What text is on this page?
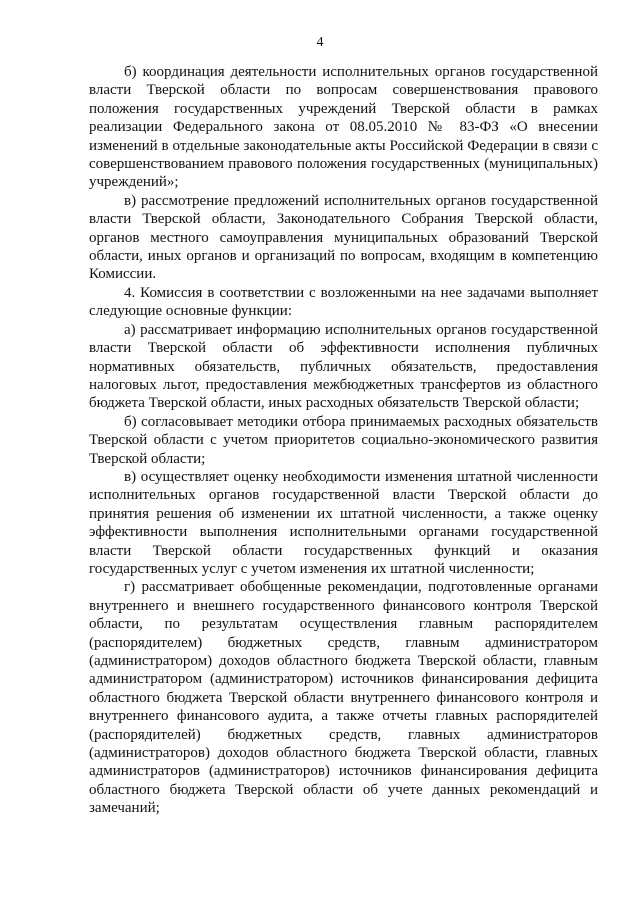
4

б) координация деятельности исполнительных органов государственной власти Тверской области по вопросам совершенствования правового положения государственных учреждений Тверской области в рамках реализации Федерального закона от 08.05.2010 № 83-ФЗ «О внесении изменений в отдельные законодательные акты Российской Федерации в связи с совершенствованием правового положения государственных (муниципальных) учреждений»;

в) рассмотрение предложений исполнительных органов государственной власти Тверской области, Законодательного Собрания Тверской области, органов местного самоуправления муниципальных образований Тверской области, иных органов и организаций по вопросам, входящим в компетенцию Комиссии.

4. Комиссия в соответствии с возложенными на нее задачами выполняет следующие основные функции:

а) рассматривает информацию исполнительных органов государственной власти Тверской области об эффективности исполнения публичных нормативных обязательств, публичных обязательств, предоставления налоговых льгот, предоставления межбюджетных трансфертов из областного бюджета Тверской области, иных расходных обязательств Тверской области;

б) согласовывает методики отбора принимаемых расходных обязательств Тверской области с учетом приоритетов социально-экономического развития Тверской области;

в) осуществляет оценку необходимости изменения штатной численности исполнительных органов государственной власти Тверской области до принятия решения об изменении их штатной численности, а также оценку эффективности выполнения исполнительными органами государственной власти Тверской области государственных функций и оказания государственных услуг с учетом изменения их штатной численности;

г) рассматривает обобщенные рекомендации, подготовленные органами внутреннего и внешнего государственного финансового контроля Тверской области, по результатам осуществления главным распорядителем (распорядителем) бюджетных средств, главным администратором (администратором) доходов областного бюджета Тверской области, главным администратором (администратором) источников финансирования дефицита областного бюджета Тверской области внутреннего финансового контроля и внутреннего финансового аудита, а также отчеты главных распорядителей (распорядителей) бюджетных средств, главных администраторов (администраторов) доходов областного бюджета Тверской области, главных администраторов (администраторов) источников финансирования дефицита областного бюджета Тверской области об учете данных рекомендаций и замечаний;
